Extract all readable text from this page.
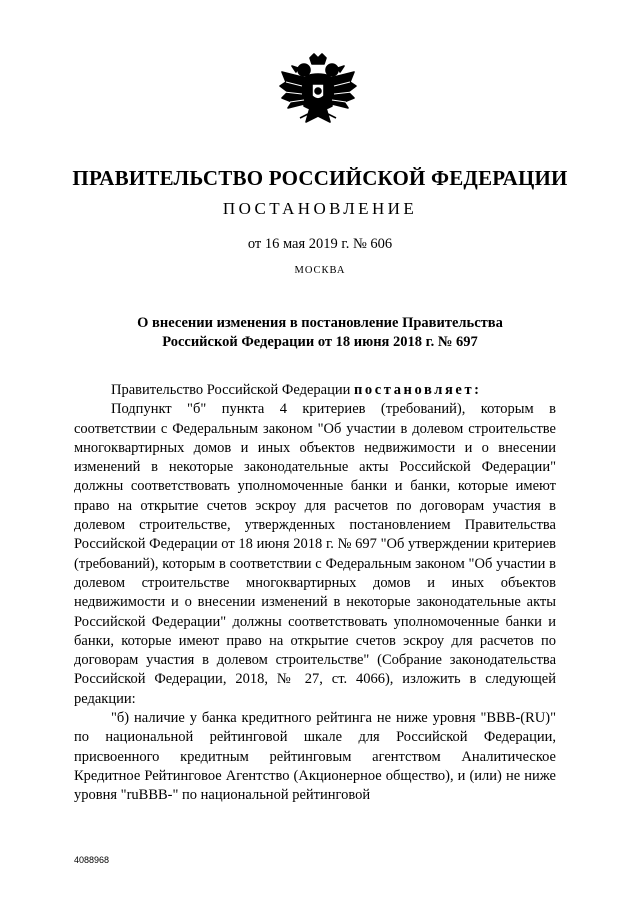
ПРАВИТЕЛЬСТВО РОССИЙСКОЙ ФЕДЕРАЦИИ
ПОСТАНОВЛЕНИЕ
от 16 мая 2019 г. № 606
МОСКВА
О внесении изменения в постановление Правительства
Российской Федерации от 18 июня 2018 г. № 697

Правительство Российской Федерации постановляет:

Подпункт "б" пункта 4 критериев (требований), которым в соответствии с Федеральным законом "Об участии в долевом строительстве многоквартирных домов и иных объектов недвижимости и о внесении изменений в некоторые законодательные акты Российской Федерации" должны соответствовать уполномоченные банки и банки, которые имеют право на открытие счетов эскроу для расчетов по договорам участия в долевом строительстве, утвержденных постановлением Правительства Российской Федерации от 18 июня 2018 г. № 697 "Об утверждении критериев (требований), которым в соответствии с Федеральным законом "Об участии в долевом строительстве многоквартирных домов и иных объектов недвижимости и о внесении изменений в некоторые законодательные акты Российской Федерации" должны соответствовать уполномоченные банки и банки, которые имеют право на открытие счетов эскроу для расчетов по договорам участия в долевом строительстве" (Собрание законодательства Российской Федерации, 2018, № 27, ст. 4066), изложить в следующей редакции:

"б) наличие у банка кредитного рейтинга не ниже уровня "BBB-(RU)" по национальной рейтинговой шкале для Российской Федерации, присвоенного кредитным рейтинговым агентством Аналитическое Кредитное Рейтинговое Агентство (Акционерное общество), и (или) не ниже уровня "ruBBB-" по национальной рейтинговой

4088968
